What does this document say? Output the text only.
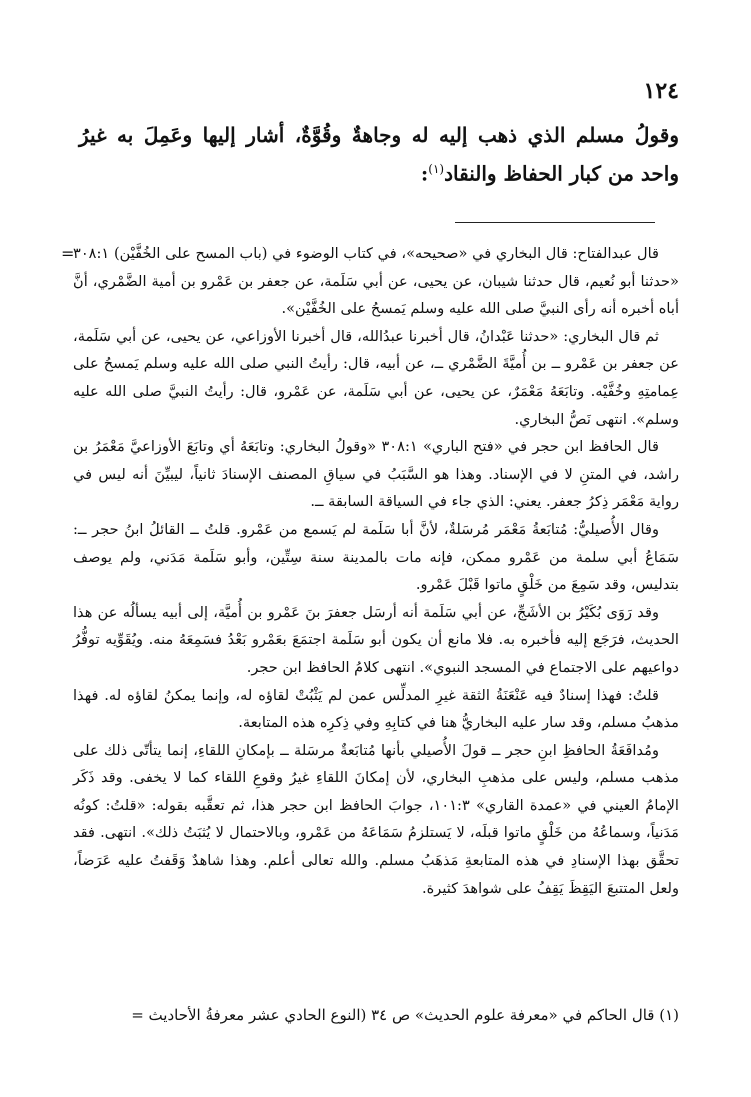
١٢٤

وقولُ مسلم الذي ذهب إليه له وجاهةٌ وقُوَّةٌ، أشار إليها وعَمِلَ به غيرُ واحد من كبار الحفاظ والنقاد$^{(١)}$:

=
قال عبدالفتاح: قال البخاري في «صحيحه»، في كتاب الوضوء في (باب المسح على الخُفَّيْن) ٣٠٨:١ «حدثنا أبو نُعيم، قال حدثنا شيبان، عن يحيى، عن أبي سَلَمة، عن جعفر بن عَمْرو بن أمية الضَّمْري، أنَّ أباه أخبره أنه رأى النبيَّ صلى الله عليه وسلم يَمسحُ على الخُفَّيْن».

ثم قال البخاري: «حدثنا عَبْدانُ، قال أخبرنا عبدُالله، قال أخبرنا الأوزاعي، عن يحيى، عن أبي سَلَمة، عن جعفر بن عَمْرو ــ بن أُميَّةَ الضَّمْري ــ، عن أبيه، قال: رأيتُ النبي صلى الله عليه وسلم يَمسحُ على عِمامتِهِ وخُفَّيْه. وتابَعَهُ مَعْمَرٌ، عن يحيى، عن أبي سَلَمة، عن عَمْرو، قال: رأيتُ النبيَّ صلى الله عليه وسلم». انتهى نَصُّ البخاري.

قال الحافظ ابن حجر في «فتح الباري» ٣٠٨:١ «وقولُ البخاري: وتابَعَهُ أي وتابَعَ الأوزاعيَّ مَعْمَرُ بن راشد، في المتنِ لا في الإسناد. وهذا هو السَّبَبُ في سياقِ المصنف الإسنادَ ثانياً، ليبيِّنَ أنه ليس في رواية مَعْمَر ذِكرُ جعفر. يعني: الذي جاء في السياقة السابقة ــ.

وقال الأُصيليُّ: مُتابَعةُ مَعْمَر مُرسَلةٌ، لأنَّ أبا سَلَمة لم يَسمع من عَمْرو. قلتُ ــ القائلُ ابنُ حجر ــ: سَمَاعُ أبي سلمة من عَمْرو ممكن، فإنه مات بالمدينة سنة سِتِّين، وأبو سَلَمة مَدَني، ولم يوصف بتدليس، وقد سَمِعَ من خَلْقٍ ماتوا قَبْلَ عَمْرو.

وقد رَوَى بُكَيْرُ بن الأشَجِّ، عن أبي سَلَمة أنه أرسَل جعفرَ بنَ عَمْرو بن أُميَّة، إلى أبيه يسألُه عن هذا الحديث، فرَجَع إليه فأخبره به. فلا مانع أن يكون أبو سَلَمة اجتمَعَ بعَمْرو بَعْدُ فسَمِعَهُ منه. ويُقَوِّيه توفُّرُ دواعيهم على الاجتماع في المسجد النبوي». انتهى كلامُ الحافظ ابن حجر.

قلتُ: فهذا إسنادٌ فيه عَنْعَنَةُ الثقة غيرِ المدلِّس عمن لم يَثْبُتْ لقاؤه له، وإنما يمكنُ لقاؤه له. فهذا مذهبُ مسلم، وقد سار عليه البخاريُّ هنا في كتابِهِ وفي ذِكرِه هذه المتابعة.

ومُدافَعَةُ الحافظِ ابنِ حجر ــ قولَ الأُصيلي بأنها مُتابَعةٌ مرسَلة ــ بإمكانِ اللقاءِ، إنما يتأتّى ذلك على مذهب مسلم، وليس على مذهبِ البخاري، لأن إمكانَ اللقاءِ غيرُ وقوعِ اللقاء كما لا يخفى. وقد ذَكَر الإمامُ العيني في «عمدة القاري» ١٠١:٣، جوابَ الحافظ ابن حجر هذا، ثم تعقَّبه بقوله: «قلتُ: كونُه مَدَنياً، وسماعُهُ من خَلْقٍ ماتوا قبلَه، لا يَستلزمُ سَمَاعَهُ من عَمْرو، وبالاحتمال لا يُثبَتُ ذلك». انتهى. فقد تحقَّق بهذا الإسنادِ في هذه المتابعةِ مَذهَبُ مسلم. والله تعالى أعلم. وهذا شاهدٌ وَقَفتُ عليه عَرَضاً، ولعل المتتبعَ اليَقِظَ يَقِفُ على شواهدَ كثيرة.

(١) قال الحاكم في «معرفة علوم الحديث» ص ٣٤ (النوع الحادي عشر معرفةُ الأحاديث =
